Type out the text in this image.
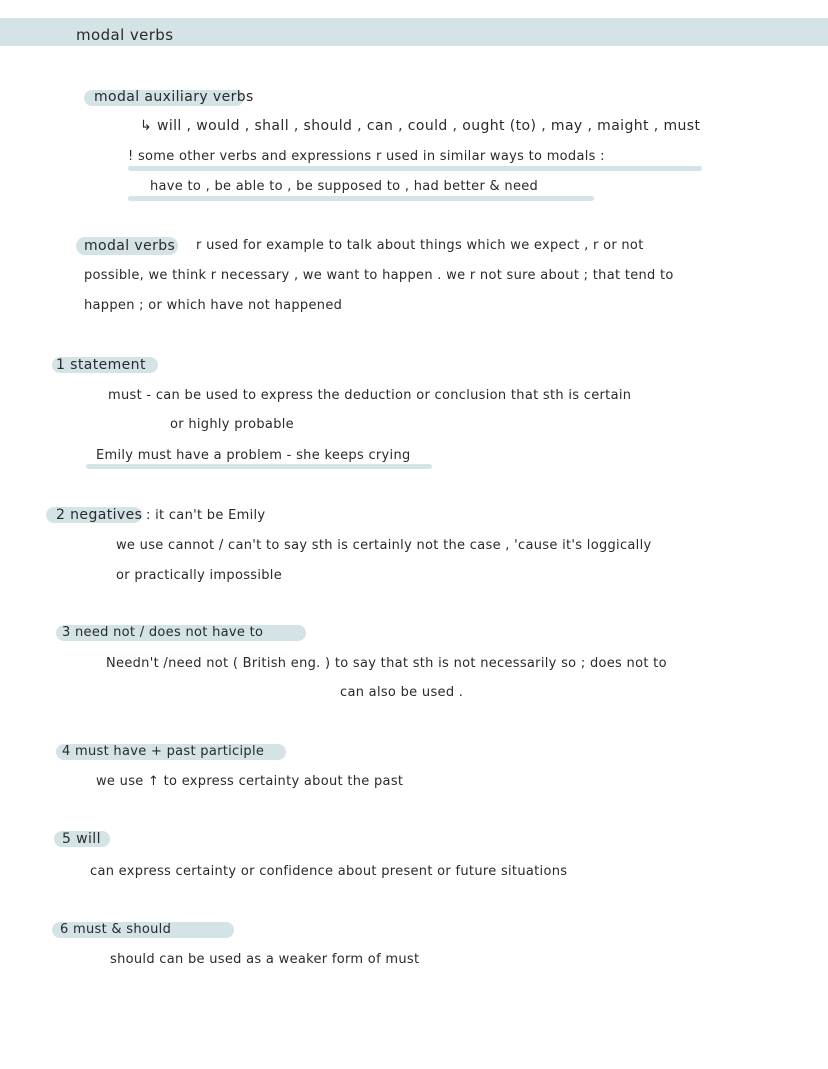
modal verbs
modal auxiliary verbs
↳ will , would , shall , should , can , could , ought (to) , may , maight , must
! some other verbs and expressions r used in similar ways to modals :
have to , be able to , be supposed to , had better & need
modal verbs r used for example to talk about things which we expect , r or not
possible, we think r necessary , we want to happen . we r not sure about ; that tend to
happen ; or which have not happened
1 statement
must - can be used to express the deduction or conclusion that sth is certain
or highly probable
Emily must have a problem - she keeps crying
2 negatives : it can't be Emily
we use cannot / can't to say sth is certainly not the case , 'cause it's loggically
or practically impossible
3 need not / does not have to
Needn't /need not ( British eng. ) to say that sth is not necessarily so ; does not to
can also be used .
4 must have + past participle
we use ↑ to express certainty about the past
5 will
can express certainty or confidence about present or future situations
6 must & should
should can be used as a weaker form of must
